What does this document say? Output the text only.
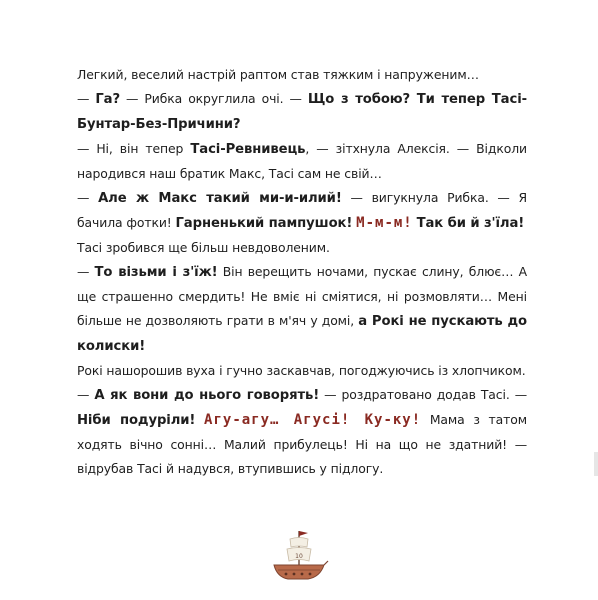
Легкий, веселий настрій раптом став тяжким і напруженим…

— Га? — Рибка округлила очі. — Що з тобою? Ти тепер Тасі-Бунтар-Без-Причини?

— Ні, він тепер Тасі-Ревнивець, — зітхнула Алексія. — Відколи народився наш братик Макс, Тасі сам не свій…

— Але ж Макс такий ми-и-илий! — вигукнула Рибка. — Я бачила фотки! Гарненький пампушок! М-м-м! Так би й з'їла!

Тасі зробився ще більш невдоволеним.

— То візьми і з'їж! Він верещить ночами, пускає слину, блює… А ще страшенно смердить! Не вміє ні сміятися, ні розмовляти… Мені більше не дозволяють грати в м'яч у домі, а Рокі не пускають до колиски!

Рокі нашорошив вуха і гучно заскавчав, погоджуючись із хлопчиком.

— А як вони до нього говорять! — роздратовано додав Тасі. — Ніби подуріли! Агу-агу… Агусі! Ку-ку! Мама з татом ходять вічно сонні… Малий прибулець! Ні на що не здатний! — відрубав Тасі й надувся, втупившись у підлогу.

10
